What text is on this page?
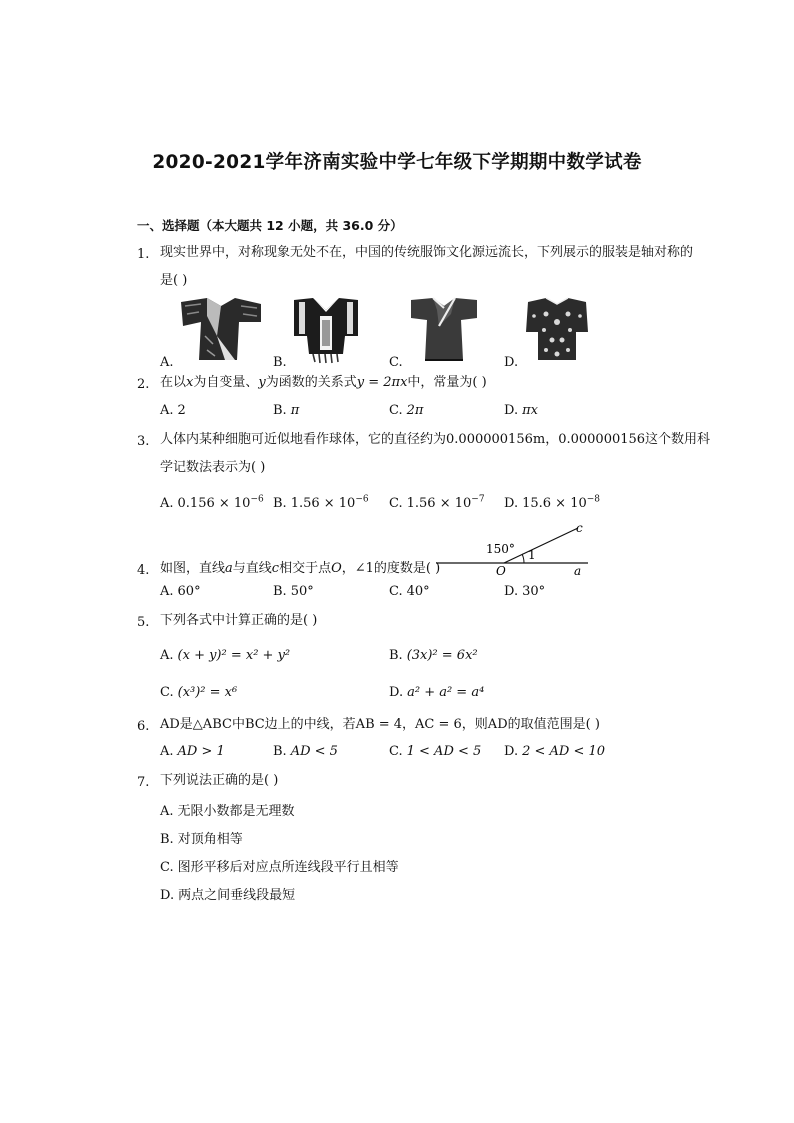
2020-2021学年济南实验中学七年级下学期期中数学试卷
一、选择题（本大题共 12 小题，共 36.0 分）
1. 现实世界中，对称现象无处不在，中国的传统服饰文化源远流长，下列展示的服装是轴对称的
是( )
A.	B.	C.	D.
2. 在以x为自变量、y为函数的关系式y = 2πx中，常量为( )
A. 2	B. π	C. 2π	D. πx
3. 人体内某种细胞可近似地看作球体，它的直径约为0.000000156m，0.000000156这个数用科
学记数法表示为( )
A. $0.156 \times 10^{-6}$ B. $1.56 \times 10^{-6}$ C. $1.56 \times 10^{-7}$ D. $15.6 \times 10^{-8}$
150° 1
c
O	a
4. 如图，直线a与直线c相交于点O，∠1的度数是( )
A. 60°	B. 50°	C. 40°	D. 30°
5. 下列各式中计算正确的是( )
A. (x + y)² = x² + y²	B. (3x)² = 6x²
C. (x³)² = x⁶	D. a² + a² = a⁴
6. AD是△ABC中BC边上的中线，若AB = 4，AC = 6，则AD的取值范围是( )
A. AD > 1	B. AD < 5	C. 1 < AD < 5 D. 2 < AD < 10
7. 下列说法正确的是( )
A. 无限小数都是无理数
B. 对顶角相等
C. 图形平移后对应点所连线段平行且相等
D. 两点之间垂线段最短
